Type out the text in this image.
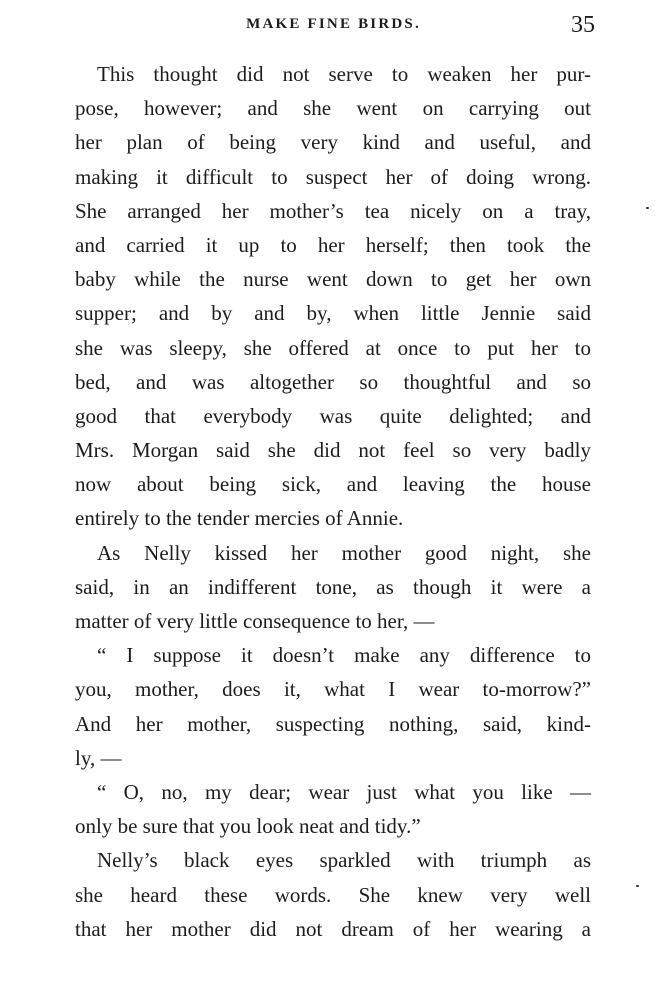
MAKE FINE BIRDS.	35
This thought did not serve to weaken her pur-
pose, however; and she went on carrying out
her plan of being very kind and useful, and
making it difficult to suspect her of doing wrong.
She arranged her mother’s tea nicely on a tray,
and carried it up to her herself; then took the
baby while the nurse went down to get her own
supper; and by and by, when little Jennie said
she was sleepy, she offered at once to put her to
bed, and was altogether so thoughtful and so
good that everybody was quite delighted; and
Mrs. Morgan said she did not feel so very badly
now about being sick, and leaving the house
entirely to the tender mercies of Annie.
As Nelly kissed her mother good night, she
said, in an indifferent tone, as though it were a
matter of very little consequence to her, —
“ I suppose it doesn’t make any difference to
you, mother, does it, what I wear to-morrow?”
And her mother, suspecting nothing, said, kind-
ly, —
“ O, no, my dear; wear just what you like —
only be sure that you look neat and tidy.”
Nelly’s black eyes sparkled with triumph as
she heard these words. She knew very well
that her mother did not dream of her wearing a
